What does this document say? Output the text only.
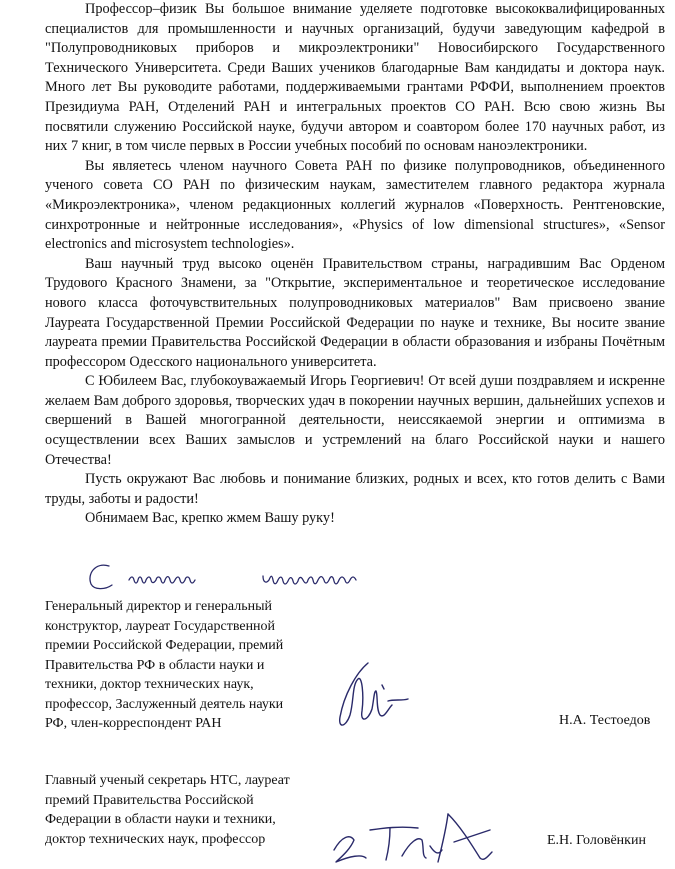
Профессор–физик Вы большое внимание уделяете подготовке высококвалифицированных специалистов для промышленности и научных организаций, будучи заведующим кафедрой в "Полупроводниковых приборов и микроэлектроники" Новосибирского Государственного Технического Университета. Среди Ваших учеников благодарные Вам кандидаты и доктора наук. Много лет Вы руководите работами, поддерживаемыми грантами РФФИ, выполнением проектов Президиума РАН, Отделений РАН и интегральных проектов СО РАН. Всю свою жизнь Вы посвятили служению Российской науке, будучи автором и соавтором более 170 научных работ, из них 7 книг, в том числе первых в России учебных пособий по основам наноэлектроники.

Вы являетесь членом научного Совета РАН по физике полупроводников, объединенного ученого совета СО РАН по физическим наукам, заместителем главного редактора журнала «Микроэлектроника», членом редакционных коллегий журналов «Поверхность. Рентгеновские, синхротронные и нейтронные исследования», «Physics of low dimensional structures», «Sensor electronics and microsystem technologies».

Ваш научный труд высоко оценён Правительством страны, наградившим Вас Орденом Трудового Красного Знамени, за "Открытие, экспериментальное и теоретическое исследование нового класса фоточувствительных полупроводниковых материалов" Вам присвоено звание Лауреата Государственной Премии Российской Федерации по науке и технике, Вы носите звание лауреата премии Правительства Российской Федерации в области образования и избраны Почётным профессором Одесского национального университета.

С Юбилеем Вас, глубокоуважаемый Игорь Георгиевич! От всей души поздравляем и искренне желаем Вам доброго здоровья, творческих удач в покорении научных вершин, дальнейших успехов и свершений в Вашей многогранной деятельности, неиссякаемой энергии и оптимизма в осуществлении всех Ваших замыслов и устремлений на благо Российской науки и нашего Отечества!

Пусть окружают Вас любовь и понимание близких, родных и всех, кто готов делить с Вами труды, заботы и радости!

Обнимаем Вас, крепко жмем Вашу руку!

Генеральный директор и генеральный конструктор, лауреат Государственной премии Российской Федерации, премий Правительства РФ в области науки и техники, доктор технических наук, профессор, Заслуженный деятель науки РФ, член-корреспондент РАН	Н.А. Тестоедов
Главный ученый секретарь НТС, лауреат премий Правительства Российской Федерации в области науки и техники, доктор технических наук, профессор	Е.Н. Головёнкин
